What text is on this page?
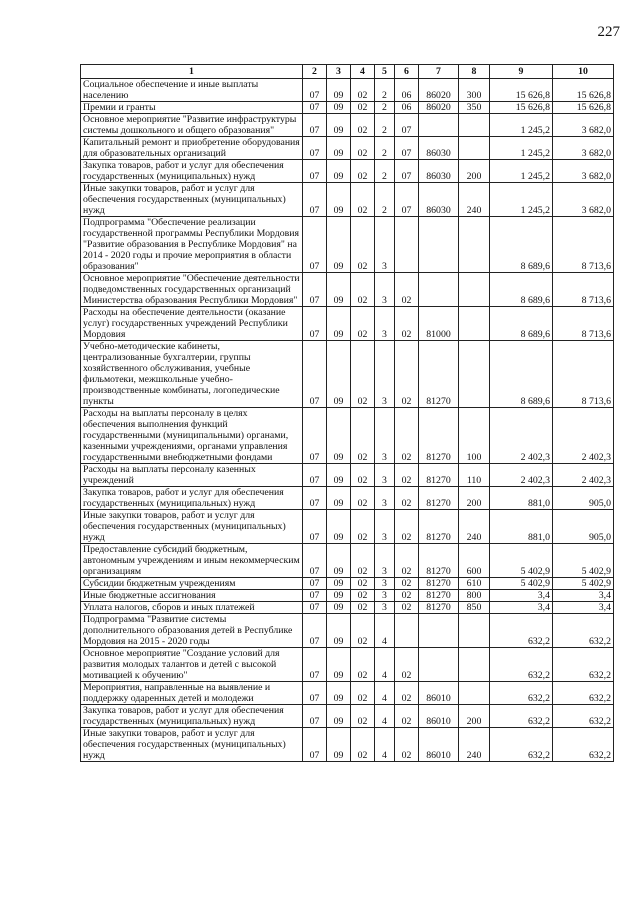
227
1	2	3	4	5	6	7	8	9	10
Социальное обеспечение и иные выплаты населению	07	09	02	2	06	86020	300	15 626,8	15 626,8
Премии и гранты	07	09	02	2	06	86020	350	15 626,8	15 626,8
Основное мероприятие "Развитие инфраструктуры системы дошкольного и общего образования"	07	09	02	2	07			1 245,2	3 682,0
Капитальный ремонт и приобретение оборудования для образовательных организаций	07	09	02	2	07	86030		1 245,2	3 682,0
Закупка товаров, работ и услуг для обеспечения государственных (муниципальных) нужд	07	09	02	2	07	86030	200	1 245,2	3 682,0
Иные закупки товаров, работ и услуг для обеспечения государственных (муниципальных) нужд	07	09	02	2	07	86030	240	1 245,2	3 682,0
Подпрограмма "Обеспечение реализации государственной программы Республики Мордовия "Развитие образования в Республике Мордовия" на 2014 - 2020 годы и прочие мероприятия в области образования"	07	09	02	3				8 689,6	8 713,6
Основное мероприятие "Обеспечение деятельности подведомственных государственных организаций Министерства образования Республики Мордовия"	07	09	02	3	02			8 689,6	8 713,6
Расходы на обеспечение деятельности (оказание услуг) государственных учреждений Республики Мордовия	07	09	02	3	02	81000		8 689,6	8 713,6
Учебно-методические кабинеты, централизованные бухгалтерии, группы хозяйственного обслуживания, учебные фильмотеки, межшкольные учебно-производственные комбинаты, логопедические пункты	07	09	02	3	02	81270		8 689,6	8 713,6
Расходы на выплаты персоналу в целях обеспечения выполнения функций государственными (муниципальными) органами, казенными учреждениями, органами управления государственными внебюджетными фондами	07	09	02	3	02	81270	100	2 402,3	2 402,3
Расходы на выплаты персоналу казенных учреждений	07	09	02	3	02	81270	110	2 402,3	2 402,3
Закупка товаров, работ и услуг для обеспечения государственных (муниципальных) нужд	07	09	02	3	02	81270	200	881,0	905,0
Иные закупки товаров, работ и услуг для обеспечения государственных (муниципальных) нужд	07	09	02	3	02	81270	240	881,0	905,0
Предоставление субсидий бюджетным, автономным учреждениям и иным некоммерческим организациям	07	09	02	3	02	81270	600	5 402,9	5 402,9
Субсидии бюджетным учреждениям	07	09	02	3	02	81270	610	5 402,9	5 402,9
Иные бюджетные ассигнования	07	09	02	3	02	81270	800	3,4	3,4
Уплата налогов, сборов и иных платежей	07	09	02	3	02	81270	850	3,4	3,4
Подпрограмма "Развитие системы дополнительного образования детей в Республике Мордовия на 2015 - 2020 годы	07	09	02	4				632,2	632,2
Основное мероприятие "Создание условий для развития молодых талантов и детей с высокой мотивацией к обучению"	07	09	02	4	02			632,2	632,2
Мероприятия, направленные на выявление и поддержку одаренных детей и молодежи	07	09	02	4	02	86010		632,2	632,2
Закупка товаров, работ и услуг для обеспечения государственных (муниципальных) нужд	07	09	02	4	02	86010	200	632,2	632,2
Иные закупки товаров, работ и услуг для обеспечения государственных (муниципальных) нужд	07	09	02	4	02	86010	240	632,2	632,2
